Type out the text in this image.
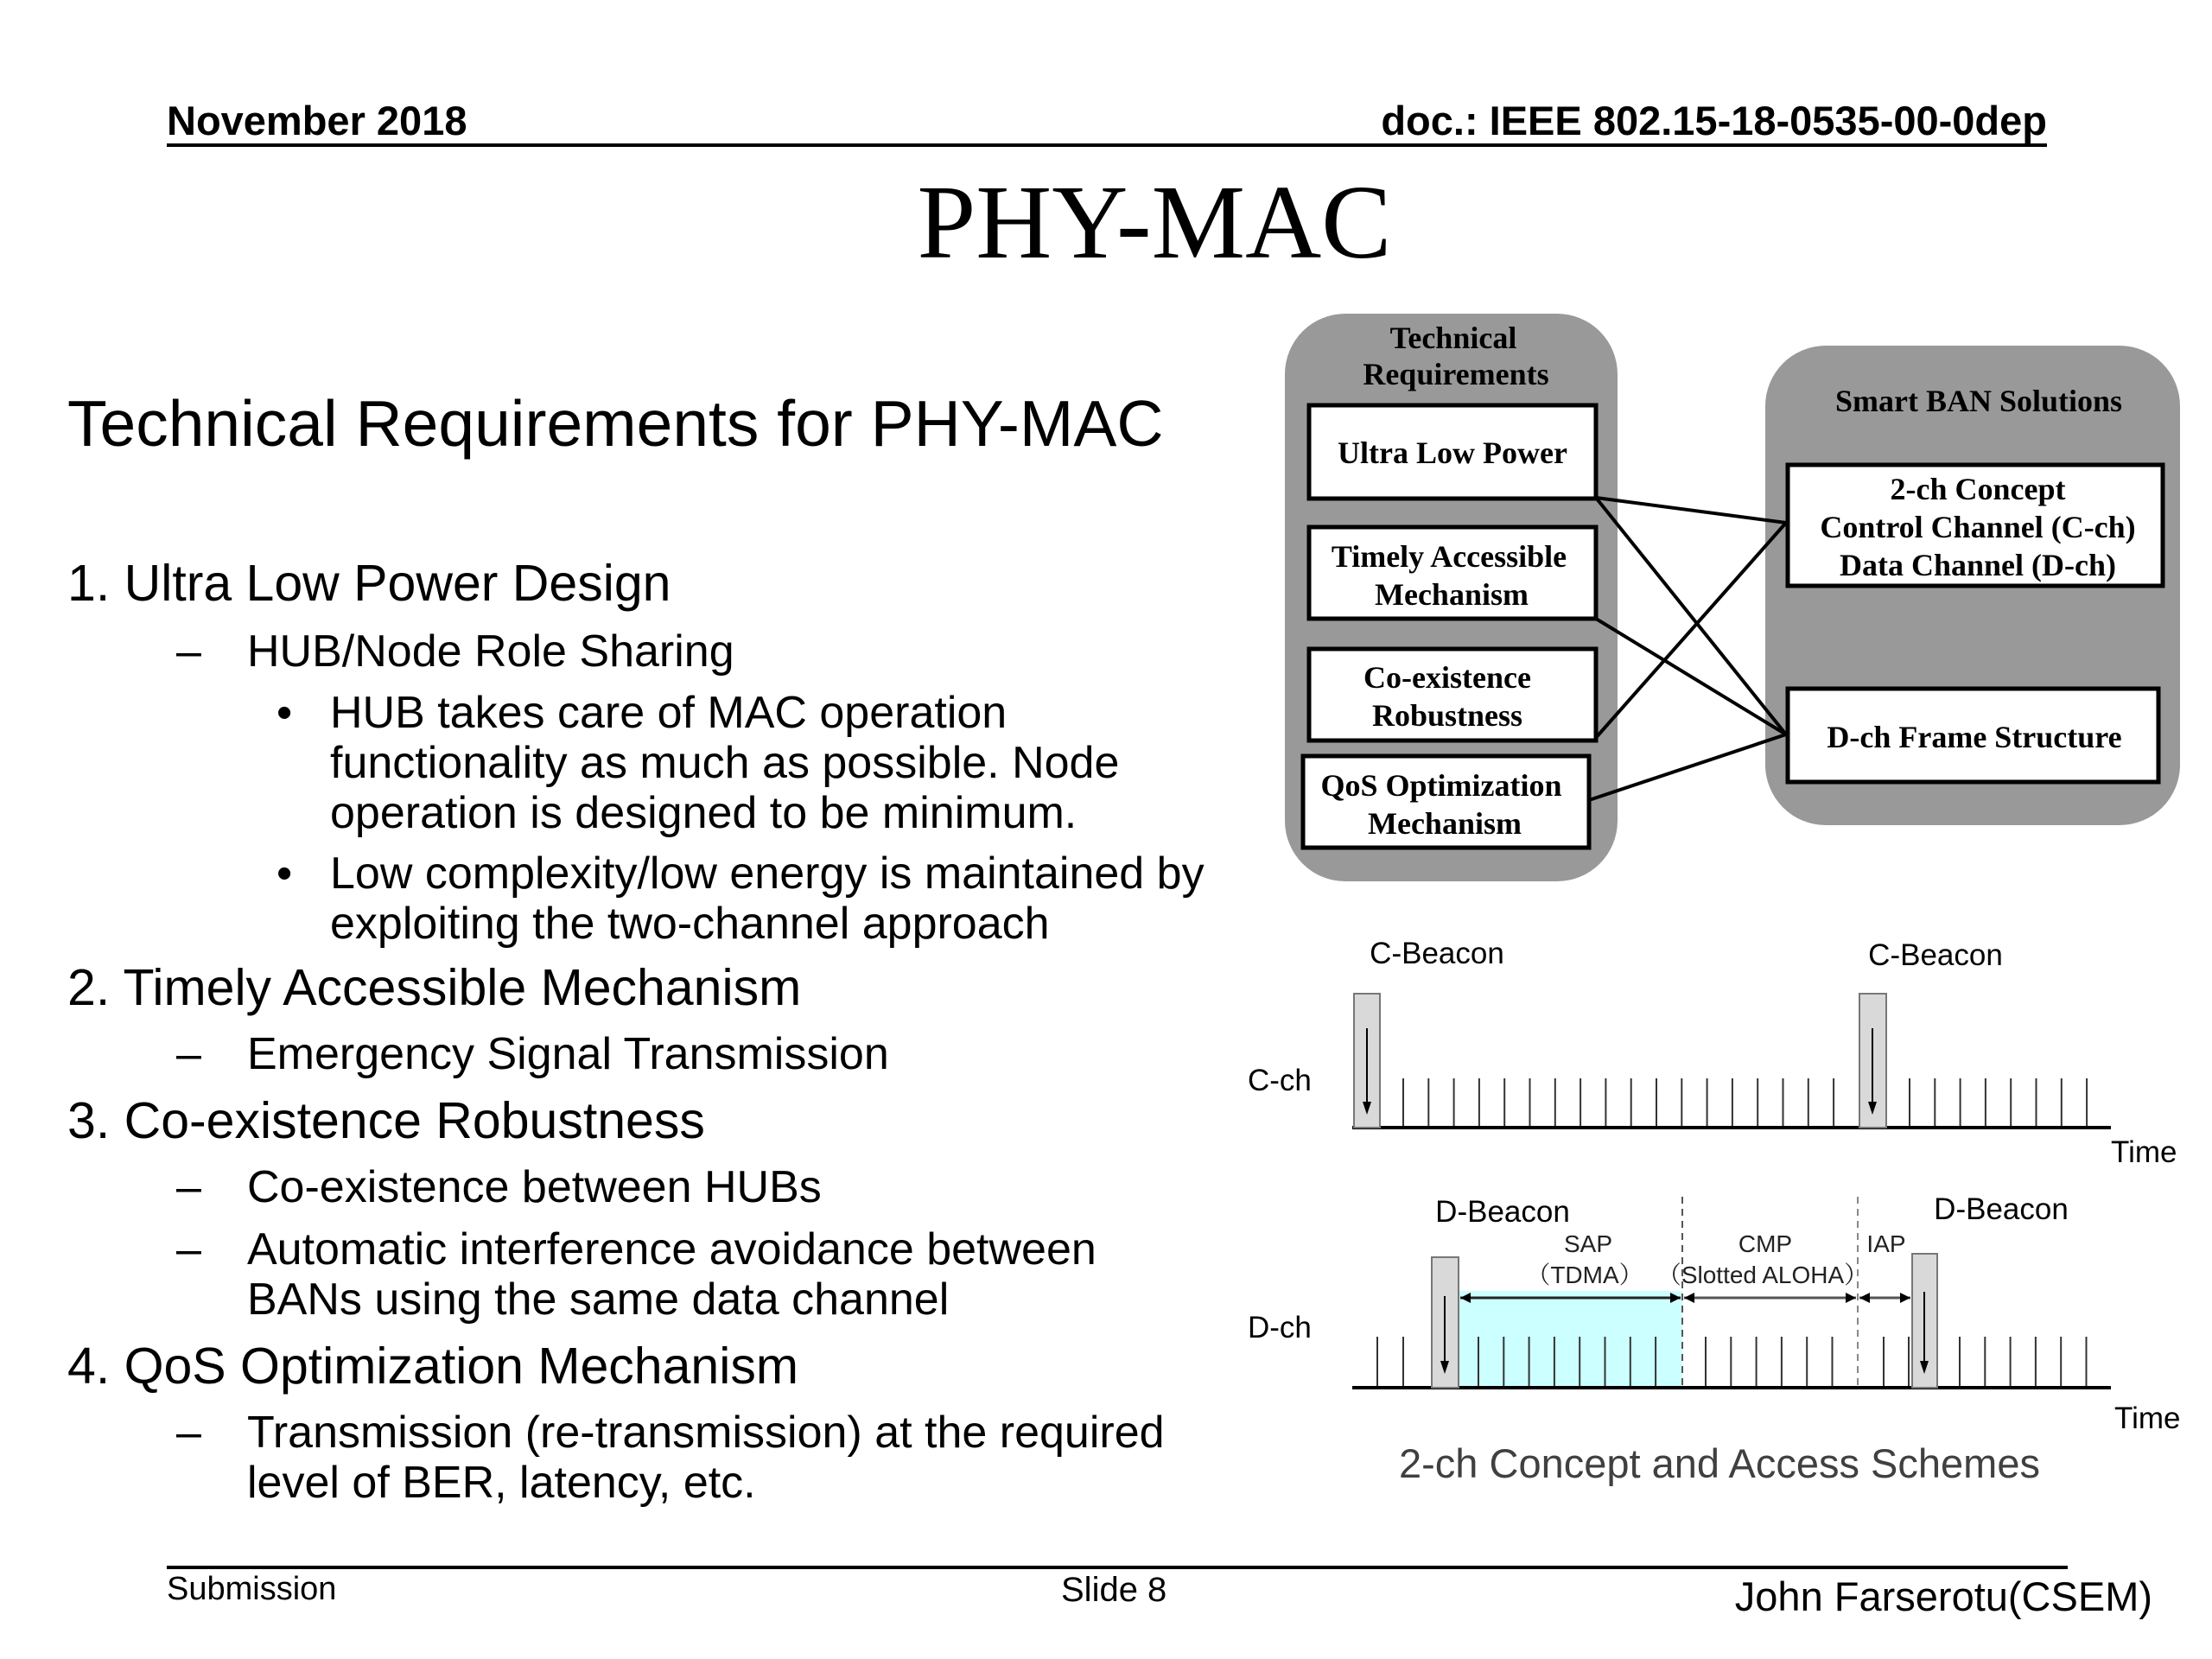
November 2018	doc.: IEEE 802.15-18-0535-00-0dep
PHY-MAC
Technical Requirements for PHY-MAC
1. Ultra Low Power Design
– HUB/Node Role Sharing
• HUB takes care of MAC operation
functionality as much as possible. Node
operation is designed to be minimum.
• Low complexity/low energy is maintained by
exploiting the two-channel approach
2. Timely Accessible Mechanism
– Emergency Signal Transmission
3. Co-existence Robustness
– Co-existence between HUBs
– Automatic interference avoidance between
BANs using the same data channel
4. QoS Optimization Mechanism
– Transmission (re-transmission) at the required
level of BER, latency, etc.
Technical
Requirements
Smart BAN Solutions
Ultra Low Power
Timely Accessible
Mechanism
Co-existence
Robustness
QoS Optimization
Mechanism
2-ch Concept
Control Channel (C-ch)
Data Channel (D-ch)
D-ch Frame Structure
C-Beacon	C-Beacon
C-ch
Time
D-Beacon	D-Beacon
D-ch
Time
SAP
（TDMA）
CMP
（Slotted ALOHA）
IAP
2-ch Concept and Access Schemes
Submission	Slide 8	John Farserotu(CSEM)
